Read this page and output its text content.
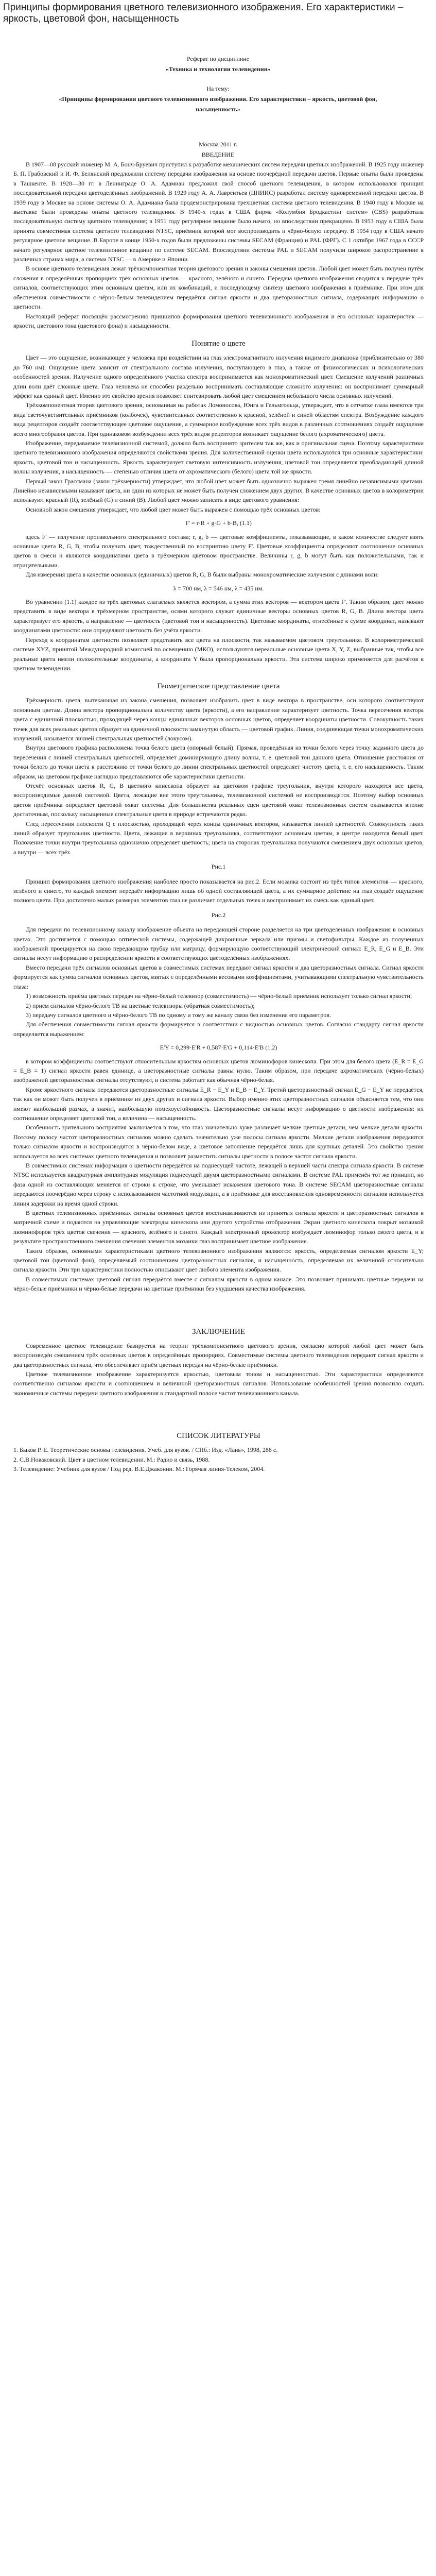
Принципы формирования цветного телевизионного изображения. Его характеристики – яркость, цветовой фон, насыщенность

Реферат по дисциплине

«Техника и технологии телевидения»

На тему:

«Принципы формирования цветного телевизионного изображения. Его характеристики – яркость, цветовой фон, насыщенность»

Москва 2011 г.

ВВЕДЕНИЕ

В 1907—08 русский инженер М. А. Бонч-Бруевич приступил к разработке механических систем передачи цветных изображений. В 1925 году инженер Б. П. Грабовский и И. Ф. Белянский предложили систему передачи изображения на основе поочерёдной передачи цветов. Первые опыты были проведены в Ташкенте. В 1928—30 гг. в Ленинграде О. А. Адамиан предложил свой способ цветного телевидения, в котором использовался принцип последовательной передачи цветоделённых изображений. В 1929 году А. А. Лаврентьев (ЦНИИС) разработал систему одновременной передачи цветов. В 1939 году в Москве на основе системы О. А. Адамиана была продемонстрирована трехцветная система цветного телевидения. В 1940 году в Москве на выставке были проведены опыты цветного телевидения. В 1940-х годах в США фирма «Колумбия Бродкастинг систем» (CBS) разработала последовательную систему цветного телевидения; в 1951 году регулярное вещание было начато, но впоследствии прекращено. В 1953 году в США была принята совместимая система цветного телевидения NTSC, приёмник которой мог воспроизводить и чёрно-белую передачу. В 1954 году в США начато регулярное цветное вещание. В Европе в конце 1950-х годов были предложены системы SECAM (Франция) и PAL (ФРГ). С 1 октября 1967 года в СССР начато регулярное цветное телевизионное вещание по системе SECAM. Впоследствии системы PAL и SECAM получили широкое распространение в различных странах мира, а система NTSC — в Америке и Японии.

В основе цветного телевидения лежат трёхкомпонентная теория цветового зрения и законы смешения цветов. Любой цвет может быть получен путём сложения в определённых пропорциях трёх основных цветов — красного, зелёного и синего. Передача цветного изображения сводится к передаче трёх сигналов, соответствующих этим основным цветам, или их комбинаций, и последующему синтезу цветного изображения в приёмнике. При этом для обеспечения совместимости с чёрно-белым телевидением передаётся сигнал яркости и два цветоразностных сигнала, содержащих информацию о цветности.

Настоящий реферат посвящён рассмотрению принципов формирования цветного телевизионного изображения и его основных характеристик — яркости, цветового тона (цветового фона) и насыщенности.

Понятие о цвете

Цвет — это ощущение, возникающее у человека при воздействии на глаз электромагнитного излучения видимого диапазона (приблизительно от 380 до 760 нм). Ощущение цвета зависит от спектрального состава излучения, поступающего в глаз, а также от физиологических и психологических особенностей зрения. Излучение одного определённого участка спектра воспринимается как монохроматический цвет. Смешение излучений различных длин волн даёт сложные цвета. Глаз человека не способен раздельно воспринимать составляющие сложного излучения: он воспринимает суммарный эффект как единый цвет. Именно это свойство зрения позволяет синтезировать любой цвет смешением небольшого числа основных излучений.

Трёхкомпонентная теория цветового зрения, основанная на работах Ломоносова, Юнга и Гельмгольца, утверждает, что в сетчатке глаза имеются три вида светочувствительных приёмников (колбочек), чувствительных соответственно к красной, зелёной и синей областям спектра. Возбуждение каждого вида рецепторов создаёт соответствующее цветовое ощущение, а суммарное возбуждение всех трёх видов в различных соотношениях создаёт ощущение всего многообразия цветов. При одинаковом возбуждении всех трёх видов рецепторов возникает ощущение белого (ахроматического) цвета.

Изображение, передаваемое телевизионной системой, должно быть воспринято зрителем так же, как и оригинальная сцена. Поэтому характеристики цветного телевизионного изображения определяются свойствами зрения. Для количественной оценки цвета используются три основные характеристики: яркость, цветовой тон и насыщенность. Яркость характеризует световую интенсивность излучения, цветовой тон определяется преобладающей длиной волны излучения, а насыщенность — степенью отличия цвета от ахроматического (белого) цвета той же яркости.

Первый закон Грассмана (закон трёхмерности) утверждает, что любой цвет может быть однозначно выражен тремя линейно независимыми цветами. Линейно независимыми называют цвета, ни один из которых не может быть получен сложением двух других. В качестве основных цветов в колориметрии используют красный (R), зелёный (G) и синий (B). Любой цвет можно записать в виде цветового уравнения:

Основной закон смешения утверждает, что любой цвет может быть выражен с помощью трёх основных цветов:

F' = r·R + g·G + b·B, (1.1)

здесь F' — излучение произвольного спектрального состава; r, g, b — цветовые коэффициенты, показывающие, в каком количестве следует взять основные цвета R, G, B, чтобы получить цвет, тождественный по восприятию цвету F'. Цветовые коэффициенты определяют соотношение основных цветов в смеси и являются координатами цвета в трёхмерном цветовом пространстве. Величины r, g, b могут быть как положительными, так и отрицательными.

Для измерения цвета в качестве основных (единичных) цветов R, G, B были выбраны монохроматические излучения с длинами волн:

λ = 700 нм, λ = 546 нм, λ = 435 нм.

Во уравнении (1.1) каждое из трёх цветовых слагаемых является вектором, а сумма этих векторов — вектором цвета F'. Таким образом, цвет можно представить в виде вектора в трёхмерном пространстве, осями которого служат единичные векторы основных цветов R, G, B. Длина вектора цвета характеризует его яркость, а направление — цветность (цветовой тон и насыщенность). Цветовые координаты, отнесённые к сумме координат, называют координатами цветности: они определяют цветность без учёта яркости.

Переход к координатам цветности позволяет представить все цвета на плоскости, так называемом цветовом треугольнике. В колориметрической системе XYZ, принятой Международной комиссией по освещению (МКО), используются нереальные основные цвета X, Y, Z, выбранные так, чтобы все реальные цвета имели положительные координаты, а координата Y была пропорциональна яркости. Эта система широко применяется для расчётов в цветном телевидении.

Геометрическое представление цвета

Трёхмерность цвета, вытекающая из закона смешения, позволяет изобразить цвет в виде вектора в пространстве, оси которого соответствуют основным цветам. Длина вектора пропорциональна количеству цвета (яркости), а его направление характеризует цветность. Точка пересечения вектора цвета с единичной плоскостью, проходящей через концы единичных векторов основных цветов, определяет координаты цветности. Совокупность таких точек для всех реальных цветов образует на единичной плоскости замкнутую область — цветовой график. Линия, соединяющая точки монохроматических излучений, называется линией спектральных цветностей (локусом).

Внутри цветового графика расположена точка белого цвета (опорный белый). Прямая, проведённая из точки белого через точку заданного цвета до пересечения с линией спектральных цветностей, определяет доминирующую длину волны, т. е. цветовой тон данного цвета. Отношение расстояния от точки белого до точки цвета к расстоянию от точки белого до линии спектральных цветностей определяет чистоту цвета, т. е. его насыщенность. Таким образом, на цветовом графике наглядно представляются обе характеристики цветности.

Отсчёт основных цветов R, G, B цветного кинескопа образует на цветовом графике треугольник, внутри которого находятся все цвета, воспроизводимые данной системой. Цвета, лежащие вне этого треугольника, телевизионной системой не воспроизводятся. Поэтому выбор основных цветов приёмника определяет цветовой охват системы. Для большинства реальных сцен цветовой охват телевизионных систем оказывается вполне достаточным, поскольку насыщенные спектральные цвета в природе встречаются редко.

След пересечения плоскости Q с плоскостью, проходящей через концы единичных векторов, называется линией цветностей. Совокупность таких линий образует треугольник цветности. Цвета, лежащие в вершинах треугольника, соответствуют основным цветам, в центре находится белый цвет. Положение точки внутри треугольника однозначно определяет цветность; цвета на сторонах треугольника получаются смешением двух основных цветов, а внутри — всех трёх.

Рис.1

Принцип формирования цветного изображения наиболее просто показывается на рис.2. Если мозаика состоит из трёх типов элементов — красного, зелёного и синего, то каждый элемент передаёт информацию лишь об одной составляющей цвета, а их суммарное действие на глаз создаёт ощущение полного цвета. При достаточно малых размерах элементов глаз не различает отдельных точек и воспринимает их смесь как единый цвет.

Рис.2

Для передачи по телевизионному каналу изображение объекта на передающей стороне разделяется на три цветоделённых изображения в основных цветах. Это достигается с помощью оптической системы, содержащей дихроичные зеркала или призмы и светофильтры. Каждое из полученных изображений проецируется на свою передающую трубку или матрицу, формирующую соответствующий электрический сигнал: E_R, E_G и E_B. Эти сигналы несут информацию о распределении яркости в соответствующих цветоделённых изображениях.

Вместо передачи трёх сигналов основных цветов в совместимых системах передают сигнал яркости и два цветоразностных сигнала. Сигнал яркости формируется как сумма сигналов основных цветов, взятых с определёнными весовыми коэффициентами, учитывающими спектральную чувствительность глаза:

1) возможность приёма цветных передач на чёрно-белый телевизор (совместимость) — чёрно-белый приёмник использует только сигнал яркости;

2) приём сигналов чёрно-белого ТВ на цветные телевизоры (обратная совместимость);

3) передачу сигналов цветного и чёрно-белого ТВ по одному и тому же каналу связи без изменения его параметров.

Для обеспечения совместимости сигнал яркости формируется в соответствии с видностью основных цветов. Согласно стандарту сигнал яркости определяется выражением:

E'Y = 0,299·E'R + 0,587·E'G + 0,114·E'B (1.2)

в котором коэффициенты соответствуют относительным яркостям основных цветов люминофоров кинескопа. При этом для белого цвета (E_R = E_G = E_B = 1) сигнал яркости равен единице, а цветоразностные сигналы равны нулю. Таким образом, при передаче ахроматических (чёрно-белых) изображений цветоразностные сигналы отсутствуют, и система работает как обычная чёрно-белая.

Кроме яркостного сигнала передаются цветоразностные сигналы E_R − E_Y и E_B − E_Y. Третий цветоразностный сигнал E_G − E_Y не передаётся, так как он может быть получен в приёмнике из двух других и сигнала яркости. Выбор именно этих цветоразностных сигналов объясняется тем, что они имеют наибольший размах, а значит, наибольшую помехоустойчивость. Цветоразностные сигналы несут информацию о цветности изображения: их соотношение определяет цветовой тон, а величина — насыщенность.

Особенность зрительного восприятия заключается в том, что глаз значительно хуже различает мелкие цветные детали, чем мелкие детали яркости. Поэтому полосу частот цветоразностных сигналов можно сделать значительно уже полосы сигнала яркости. Мелкие детали изображения передаются только сигналом яркости и воспроизводятся в чёрно-белом виде, а цветовое заполнение передаётся лишь для крупных деталей. Это свойство зрения используется во всех системах цветного телевидения и позволяет разместить сигналы цветности в полосе частот сигнала яркости.

В совместимых системах информация о цветности передаётся на поднесущей частоте, лежащей в верхней части спектра сигнала яркости. В системе NTSC используется квадратурная амплитудная модуляция поднесущей двумя цветоразностными сигналами. В системе PAL применён тот же принцип, но фаза одной из составляющих меняется от строки к строке, что уменьшает искажения цветового тона. В системе SECAM цветоразностные сигналы передаются поочерёдно через строку с использованием частотной модуляции, а в приёмнике для восстановления одновременности сигналов используется линия задержки на время одной строки.

В цветных телевизионных приёмниках сигналы основных цветов восстанавливаются из принятых сигнала яркости и цветоразностных сигналов в матричной схеме и подаются на управляющие электроды кинескопа или другого устройства отображения. Экран цветного кинескопа покрыт мозаикой люминофоров трёх цветов свечения — красного, зелёного и синего. Каждый электронный прожектор возбуждает люминофор только своего цвета, и в результате пространственного смешения свечения элементов мозаики глаз воспринимает цветное изображение.

Таким образом, основными характеристиками цветного телевизионного изображения являются: яркость, определяемая сигналом яркости E_Y; цветовой тон (цветовой фон), определяемый соотношением цветоразностных сигналов, и насыщенность, определяемая их величиной относительно сигнала яркости. Эти три характеристики полностью описывают цвет любого элемента изображения.

В совместимых системах цветовой сигнал передаётся вместе с сигналом яркости в одном канале. Это позволяет принимать цветные передачи на чёрно-белые приёмники и чёрно-белые передачи на цветные приёмники без ухудшения качества изображения.

ЗАКЛЮЧЕНИЕ

Современное цветное телевидение базируется на теории трёхкомпонентного цветового зрения, согласно которой любой цвет может быть воспроизведён смешением трёх основных цветов в определённых пропорциях. Совместимые системы цветного телевидения передают сигнал яркости и два цветоразностных сигнала, что обеспечивает приём цветных передач на чёрно-белые приёмники.

Цветное телевизионное изображение характеризуется яркостью, цветовым тоном и насыщенностью. Эти характеристики определяются соответственно сигналом яркости и соотношением и величиной цветоразностных сигналов. Использование особенностей зрения позволило создать экономичные системы передачи цветного изображения в стандартной полосе частот телевизионного канала.

СПИСОК ЛИТЕРАТУРЫ

1. Быков Р. Е. Теоретические основы телевидения. Учеб. для вузов. / СПб.: Изд. «Лань», 1998, 288 с.

2. С.В.Новаковский. Цвет в цветном телевидении. М.: Радио и связь, 1988.

3. Телевидение: Учебник для вузов / Под ред. В.Е.Джаконии. М.: Горячая линия-Телеком, 2004.
